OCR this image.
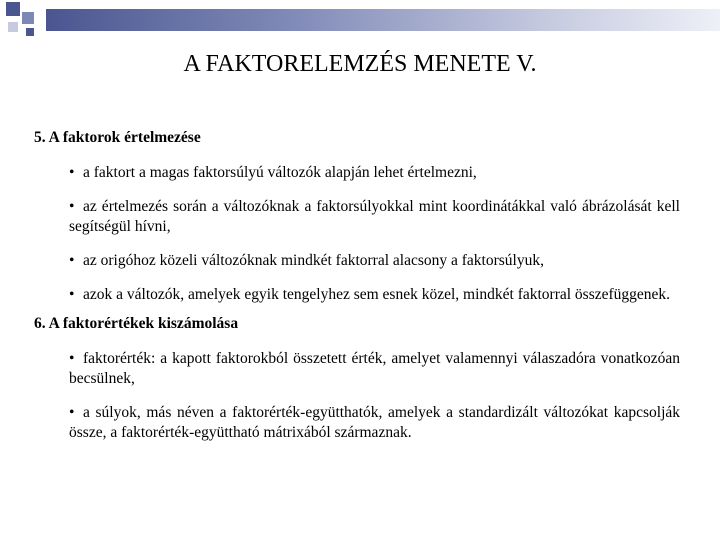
A FAKTORELEMZÉS MENETE V.

5. A faktorok értelmezése

• a faktort a magas faktorsúlyú változók alapján lehet értelmezni,

• az értelmezés során a változóknak a faktorsúlyokkal mint koordinátákkal való ábrázolását kell segítségül hívni,

• az origóhoz közeli változóknak mindkét faktorral alacsony a faktorsúlyuk,

• azok a változók, amelyek egyik tengelyhez sem esnek közel, mindkét faktorral összefüggenek.

6. A faktorértékek kiszámolása

• faktorérték: a kapott faktorokból összetett érték, amelyet valamennyi válaszadóra vonatkozóan becsülnek,

• a súlyok, más néven a faktorérték-együtthatók, amelyek a standardizált változókat kapcsolják össze, a faktorérték-együttható mátrixából származnak.
